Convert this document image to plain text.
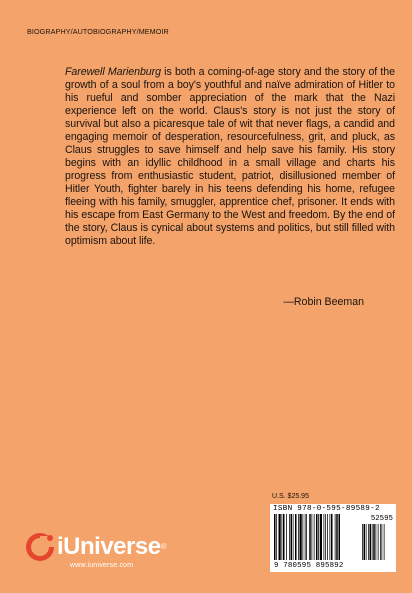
BIOGRAPHY/AUTOBIOGRAPHY/MEMOIR

Farewell Marienburg is both a coming-of-age story and the story of the growth of a soul from a boy's youthful and naïve admiration of Hitler to his rueful and somber appreciation of the mark that the Nazi experience left on the world. Claus's story is not just the story of survival but also a picaresque tale of wit that never flags, a candid and engaging memoir of desperation, resourcefulness, grit, and pluck, as Claus struggles to save himself and help save his family. His story begins with an idyllic childhood in a small village and charts his progress from enthusiastic student, patriot, disillusioned member of Hitler Youth, fighter barely in his teens defending his home, refugee fleeing with his family, smuggler, apprentice chef, prisoner. It ends with his escape from East Germany to the West and freedom. By the end of the story, Claus is cynical about systems and politics, but still filled with optimism about life.

—Robin Beeman
iUniverse®
www.iuniverse.com
U.S. $25.95
ISBN 978-0-595-89589-2
52595
9 780595 895892
